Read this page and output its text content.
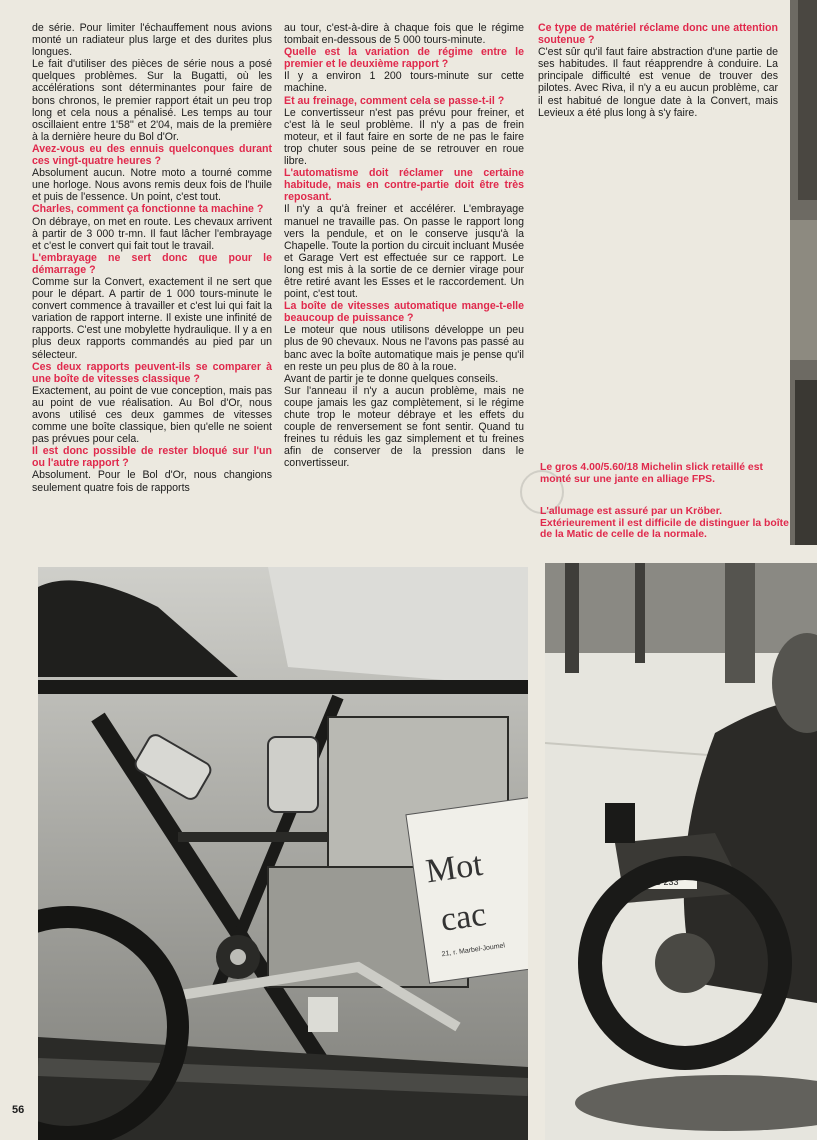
de série. Pour limiter l'échauffement nous avions monté un radiateur plus large et des durites plus longues.

Le fait d'utiliser des pièces de série nous a posé quelques problèmes. Sur la Bugatti, où les accélérations sont déterminantes pour faire de bons chronos, le premier rapport était un peu trop long et cela nous a pénalisé. Les temps au tour oscillaient entre 1'58'' et 2'04, mais de la première à la dernière heure du Bol d'Or.

Avez-vous eu des ennuis quelconques durant ces vingt-quatre heures ?

Absolument aucun. Notre moto a tourné comme une horloge. Nous avons remis deux fois de l'huile et puis de l'essence. Un point, c'est tout.

Charles, comment ça fonctionne ta machine ?

On débraye, on met en route. Les chevaux arrivent à partir de 3 000 tr-mn. Il faut lâcher l'embrayage et c'est le convert qui fait tout le travail.

L'embrayage ne sert donc que pour le démarrage ?

Comme sur la Convert, exactement il ne sert que pour le départ. A partir de 1 000 tours-minute le convert commence à travailler et c'est lui qui fait la variation de rapport interne. Il existe une infinité de rapports. C'est une mobylette hydraulique. Il y a en plus deux rapports commandés au pied par un sélecteur.

Ces deux rapports peuvent-ils se comparer à une boîte de vitesses classique ?

Exactement, au point de vue conception, mais pas au point de vue réalisation. Au Bol d'Or, nous avons utilisé ces deux gammes de vitesses comme une boîte classique, bien qu'elle ne soient pas prévues pour cela.

Il est donc possible de rester bloqué sur l'un ou l'autre rapport ?

Absolument. Pour le Bol d'Or, nous changions seulement quatre fois de rapports

au tour, c'est-à-dire à chaque fois que le régime tombait en-dessous de 5 000 tours-minute.

Quelle est la variation de régime entre le premier et le deuxième rapport ?

Il y a environ 1 200 tours-minute sur cette machine.

Et au freinage, comment cela se passe-t-il ?

Le convertisseur n'est pas prévu pour freiner, et c'est là le seul problème. Il n'y a pas de frein moteur, et il faut faire en sorte de ne pas le faire trop chuter sous peine de se retrouver en roue libre.

L'automatisme doit réclamer une certaine habitude, mais en contre-partie doit être très reposant.

Il n'y a qu'à freiner et accélérer. L'embrayage manuel ne travaille pas. On passe le rapport long vers la pendule, et on le conserve jusqu'à la Chapelle. Toute la portion du circuit incluant Musée et Garage Vert est effectuée sur ce rapport. Le long est mis à la sortie de ce dernier virage pour être retiré avant les Esses et le raccordement. Un point, c'est tout.

La boîte de vitesses automatique mange-t-elle beaucoup de puissance ?

Le moteur que nous utilisons développe un peu plus de 90 chevaux. Nous ne l'avons pas passé au banc avec la boîte automatique mais je pense qu'il en reste un peu plus de 80 à la roue.

Avant de partir je te donne quelques conseils.

Sur l'anneau il n'y a aucun problème, mais ne coupe jamais les gaz complètement, si le régime chute trop le moteur débraye et les effets du couple de renversement se font sentir. Quand tu freines tu réduis les gaz simplement et tu freines afin de conserver de la pression dans le convertisseur.

Ce type de matériel réclame donc une attention soutenue ?

C'est sûr qu'il faut faire abstraction d'une partie de ses habitudes. Il faut réapprendre à conduire. La principale difficulté est venue de trouver des pilotes. Avec Riva, il n'y a eu aucun problème, car il est habitué de longue date à la Convert, mais Levieux a été plus long à s'y faire.

Le gros 4.00/5.60/18 Michelin slick retaillé est monté sur une jante en alliage FPS.

L'allumage est assuré par un Kröber. Extérieurement il est difficile de distinguer la boîte de la Matic de celle de la normale.

Mot
cac
21, r. Marbel-Joumel
EBASS 233
56
